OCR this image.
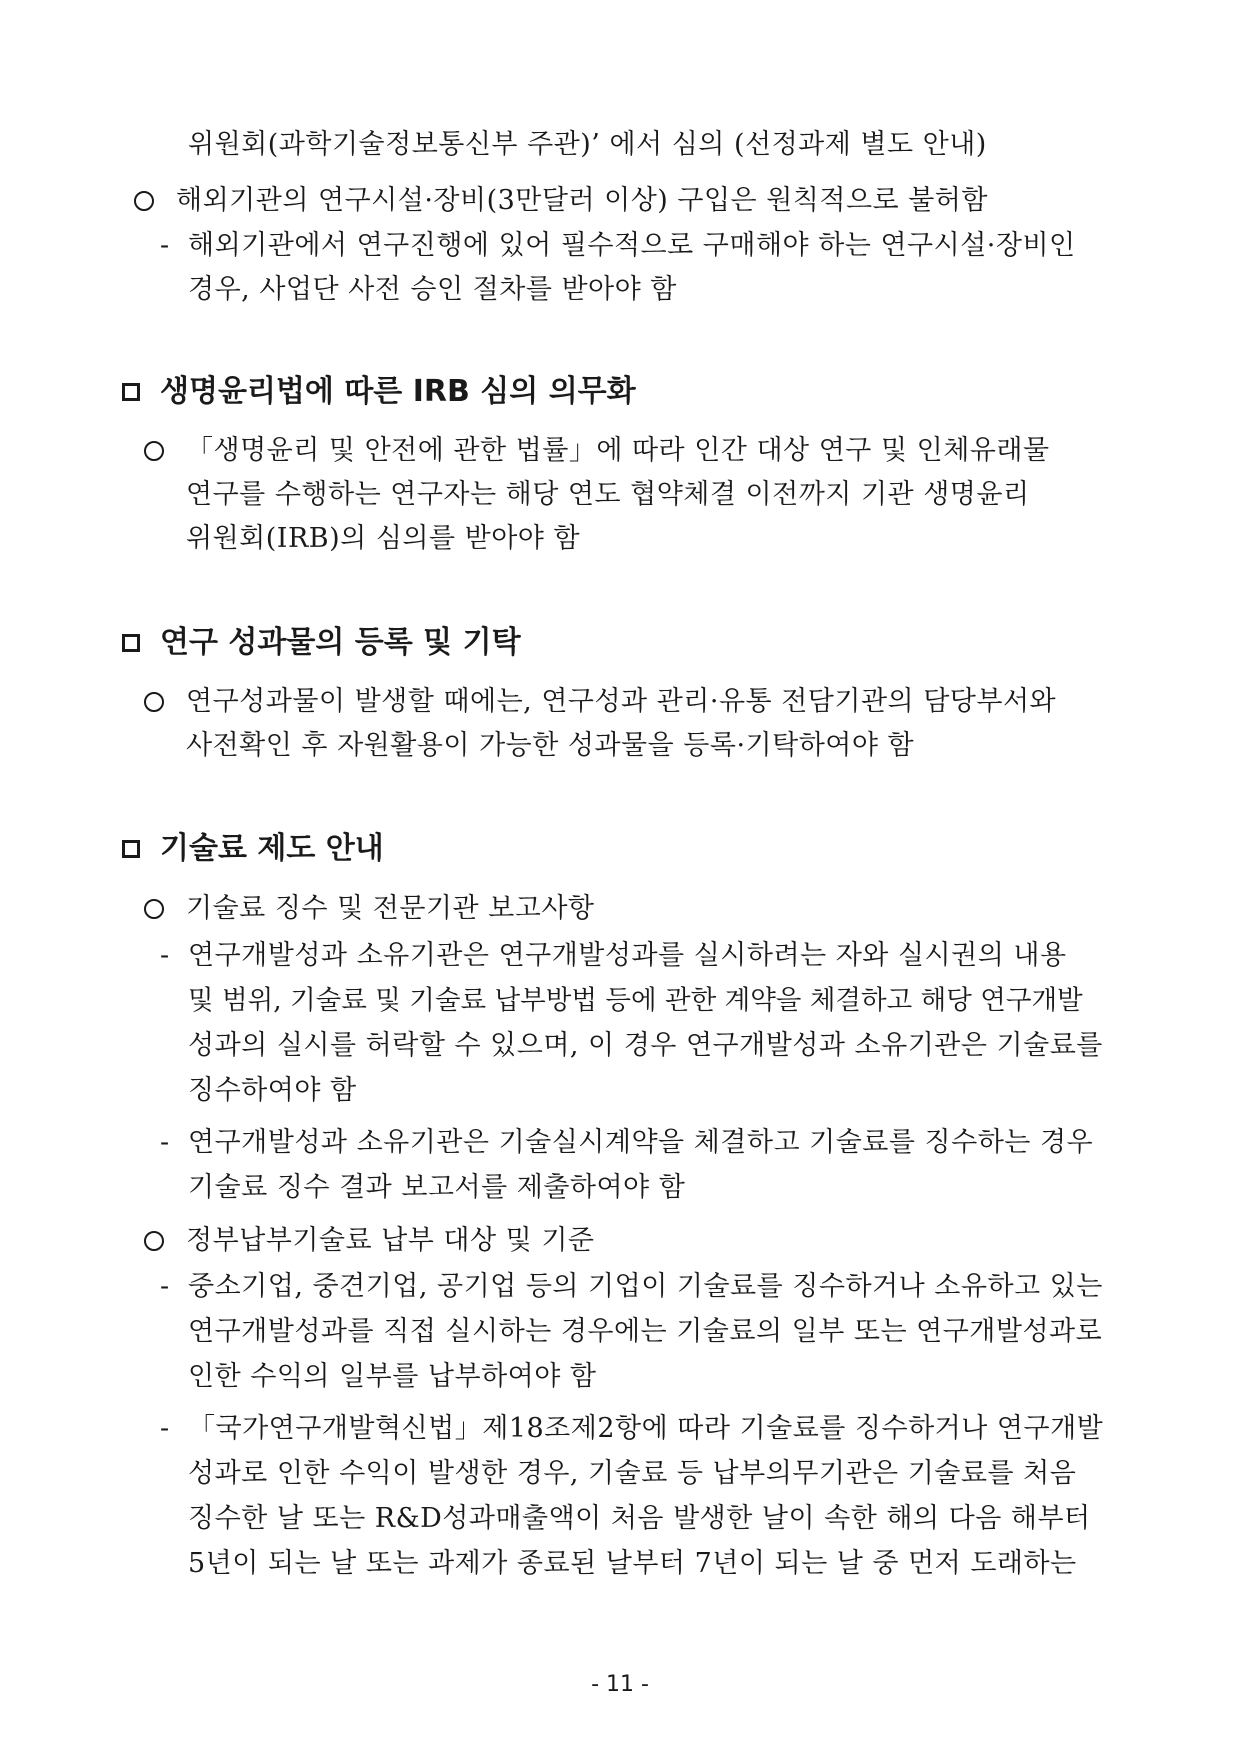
위원회(과학기술정보통신부 주관)’ 에서 심의 (선정과제 별도 안내)
해외기관의 연구시설·장비(3만달러 이상) 구입은 원칙적으로 불허함
- 해외기관에서 연구진행에 있어 필수적으로 구매해야 하는 연구시설·장비인
경우, 사업단 사전 승인 절차를 받아야 함
생명윤리법에 따른 IRB 심의 의무화
「생명윤리 및 안전에 관한 법률」에 따라 인간 대상 연구 및 인체유래물
연구를 수행하는 연구자는 해당 연도 협약체결 이전까지 기관 생명윤리
위원회(IRB)의 심의를 받아야 함
연구 성과물의 등록 및 기탁
연구성과물이 발생할 때에는, 연구성과 관리·유통 전담기관의 담당부서와
사전확인 후 자원활용이 가능한 성과물을 등록·기탁하여야 함
기술료 제도 안내
기술료 징수 및 전문기관 보고사항
- 연구개발성과 소유기관은 연구개발성과를 실시하려는 자와 실시권의 내용
및 범위, 기술료 및 기술료 납부방법 등에 관한 계약을 체결하고 해당 연구개발
성과의 실시를 허락할 수 있으며, 이 경우 연구개발성과 소유기관은 기술료를
징수하여야 함
- 연구개발성과 소유기관은 기술실시계약을 체결하고 기술료를 징수하는 경우
기술료 징수 결과 보고서를 제출하여야 함
정부납부기술료 납부 대상 및 기준
- 중소기업, 중견기업, 공기업 등의 기업이 기술료를 징수하거나 소유하고 있는
연구개발성과를 직접 실시하는 경우에는 기술료의 일부 또는 연구개발성과로
인한 수익의 일부를 납부하여야 함
- 「국가연구개발혁신법」제18조제2항에 따라 기술료를 징수하거나 연구개발
성과로 인한 수익이 발생한 경우, 기술료 등 납부의무기관은 기술료를 처음
징수한 날 또는 R&D성과매출액이 처음 발생한 날이 속한 해의 다음 해부터
5년이 되는 날 또는 과제가 종료된 날부터 7년이 되는 날 중 먼저 도래하는
- 11 -
